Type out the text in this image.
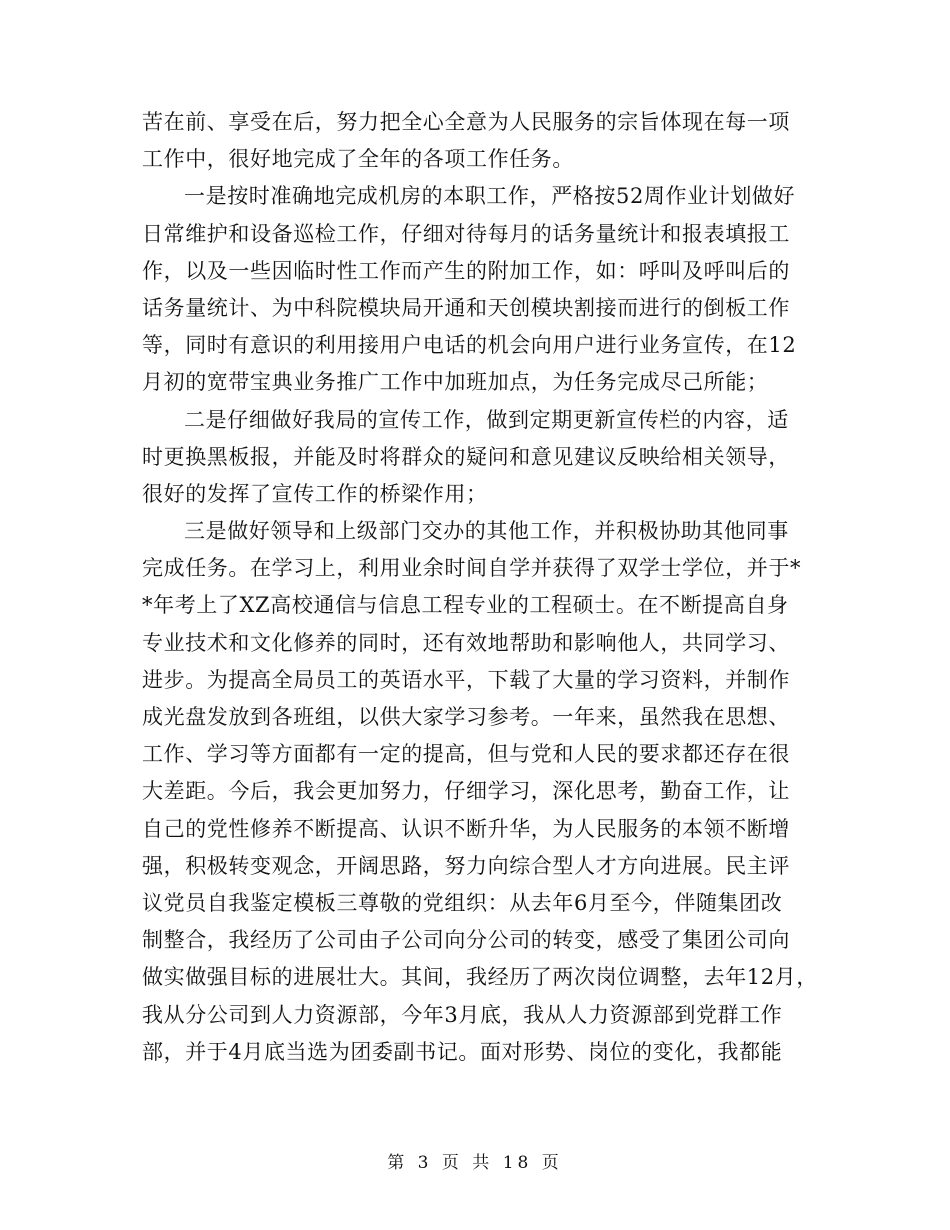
苦在前、享受在后，努力把全心全意为人民服务的宗旨体现在每一项
工作中，很好地完成了全年的各项工作任务。
一是按时准确地完成机房的本职工作，严格按52周作业计划做好
日常维护和设备巡检工作，仔细对待每月的话务量统计和报表填报工
作，以及一些因临时性工作而产生的附加工作，如：呼叫及呼叫后的
话务量统计、为中科院模块局开通和天创模块割接而进行的倒板工作
等，同时有意识的利用接用户电话的机会向用户进行业务宣传，在12
月初的宽带宝典业务推广工作中加班加点，为任务完成尽己所能；
二是仔细做好我局的宣传工作，做到定期更新宣传栏的内容，适
时更换黑板报，并能及时将群众的疑问和意见建议反映给相关领导，
很好的发挥了宣传工作的桥梁作用；
三是做好领导和上级部门交办的其他工作，并积极协助其他同事
完成任务。在学习上，利用业余时间自学并获得了双学士学位，并于*
*年考上了XZ高校通信与信息工程专业的工程硕士。在不断提高自身
专业技术和文化修养的同时，还有效地帮助和影响他人，共同学习、
进步。为提高全局员工的英语水平，下载了大量的学习资料，并制作
成光盘发放到各班组，以供大家学习参考。一年来，虽然我在思想、
工作、学习等方面都有一定的提高，但与党和人民的要求都还存在很
大差距。今后，我会更加努力，仔细学习，深化思考，勤奋工作，让
自己的党性修养不断提高、认识不断升华，为人民服务的本领不断增
强，积极转变观念，开阔思路，努力向综合型人才方向进展。民主评
议党员自我鉴定模板三尊敬的党组织：从去年6月至今，伴随集团改
制整合，我经历了公司由子公司向分公司的转变，感受了集团公司向
做实做强目标的进展壮大。其间，我经历了两次岗位调整，去年12月，
我从分公司到人力资源部，今年3月底，我从人力资源部到党群工作
部，并于4月底当选为团委副书记。面对形势、岗位的变化，我都能
第 3 页 共 18 页
